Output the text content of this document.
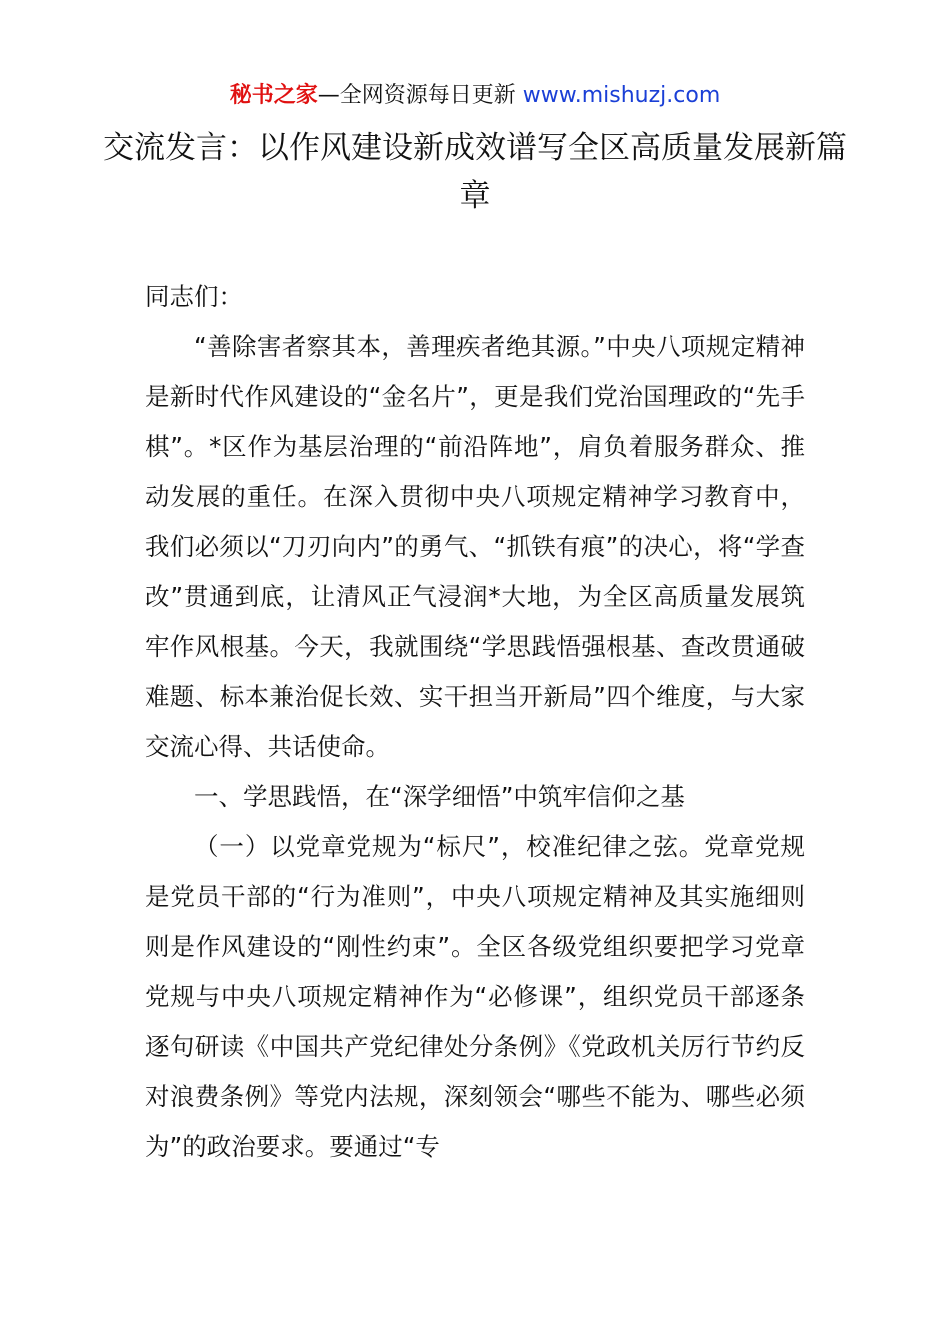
秘书之家—全网资源每日更新 www.mishuzj.com
交流发言：以作风建设新成效谱写全区高质量发展新篇章

同志们：

“善除害者察其本，善理疾者绝其源。”中央八项规定精神是新时代作风建设的“金名片”，更是我们党治国理政的“先手棋”。*区作为基层治理的“前沿阵地”，肩负着服务群众、推动发展的重任。在深入贯彻中央八项规定精神学习教育中，我们必须以“刀刃向内”的勇气、“抓铁有痕”的决心，将“学查改”贯通到底，让清风正气浸润*大地，为全区高质量发展筑牢作风根基。今天，我就围绕“学思践悟强根基、查改贯通破难题、标本兼治促长效、实干担当开新局”四个维度，与大家交流心得、共话使命。

一、学思践悟，在“深学细悟”中筑牢信仰之基

（一）以党章党规为“标尺”，校准纪律之弦。党章党规是党员干部的“行为准则”，中央八项规定精神及其实施细则则是作风建设的“刚性约束”。全区各级党组织要把学习党章党规与中央八项规定精神作为“必修课”，组织党员干部逐条逐句研读《中国共产党纪律处分条例》《党政机关厉行节约反对浪费条例》等党内法规，深刻领会“哪些不能为、哪些必须为”的政治要求。要通过“专
